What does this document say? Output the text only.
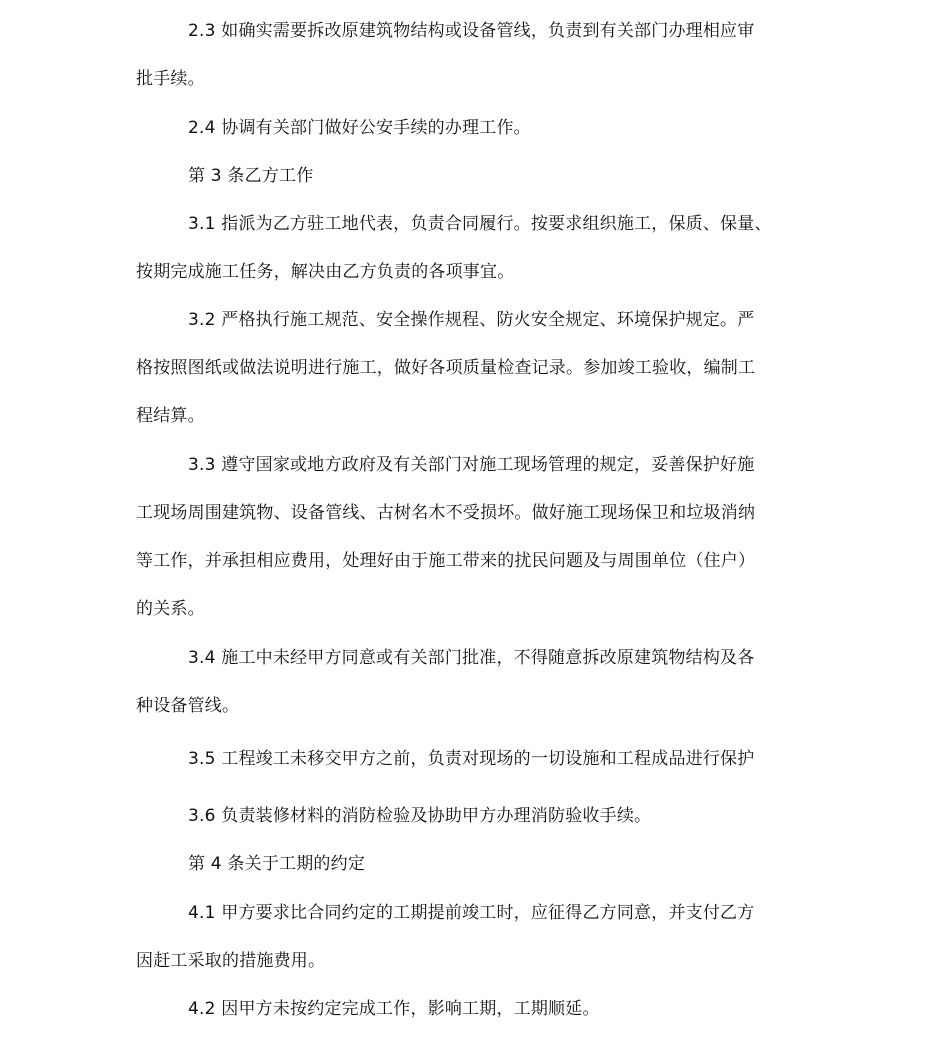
2.3 如确实需要拆改原建筑物结构或设备管线，负责到有关部门办理相应审
批手续。
2.4 协调有关部门做好公安手续的办理工作。
第 3 条乙方工作
3.1 指派为乙方驻工地代表，负责合同履行。按要求组织施工，保质、保量、
按期完成施工任务，解决由乙方负责的各项事宜。
3.2 严格执行施工规范、安全操作规程、防火安全规定、环境保护规定。严
格按照图纸或做法说明进行施工，做好各项质量检查记录。参加竣工验收，编制工
程结算。
3.3 遵守国家或地方政府及有关部门对施工现场管理的规定，妥善保护好施
工现场周围建筑物、设备管线、古树名木不受损坏。做好施工现场保卫和垃圾消纳
等工作，并承担相应费用，处理好由于施工带来的扰民问题及与周围单位（住户）
的关系。
3.4 施工中未经甲方同意或有关部门批准，不得随意拆改原建筑物结构及各
种设备管线。
3.5 工程竣工未移交甲方之前，负责对现场的一切设施和工程成品进行保护
3.6 负责装修材料的消防检验及协助甲方办理消防验收手续。
第 4 条关于工期的约定
4.1 甲方要求比合同约定的工期提前竣工时，应征得乙方同意，并支付乙方
因赶工采取的措施费用。
4.2 因甲方未按约定完成工作，影响工期，工期顺延。
